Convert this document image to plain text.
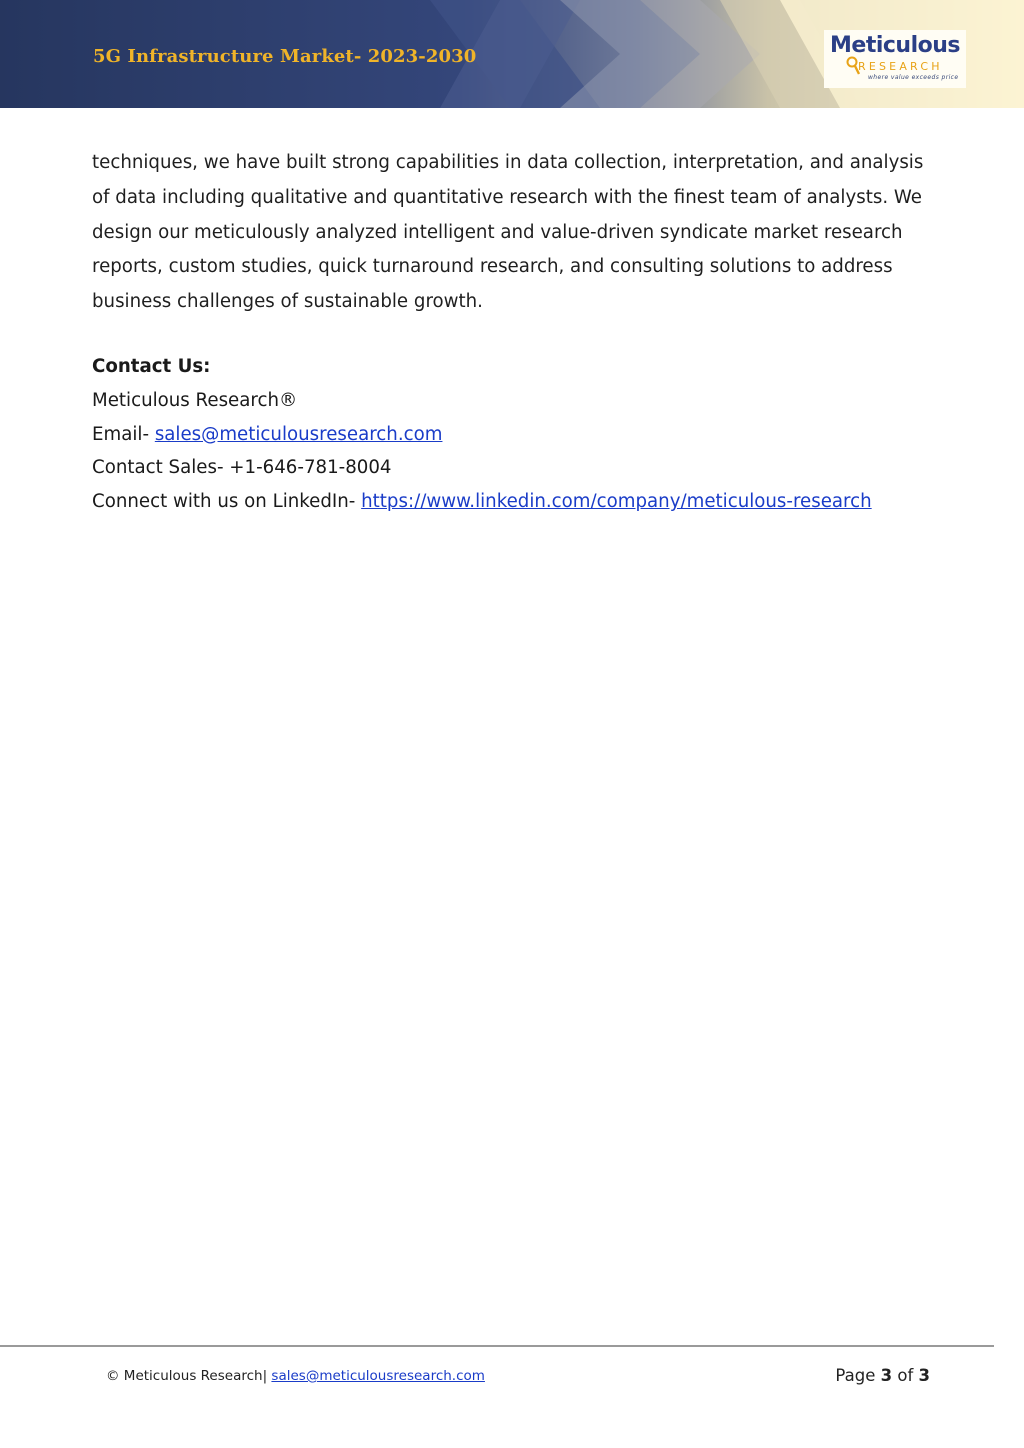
5G Infrastructure Market- 2023-2030	Meticulous
RESEARCH
where value exceeds price

techniques, we have built strong capabilities in data collection, interpretation, and analysis of data including qualitative and quantitative research with the finest team of analysts. We design our meticulously analyzed intelligent and value-driven syndicate market research reports, custom studies, quick turnaround research, and consulting solutions to address business challenges of sustainable growth.

Contact Us:
Meticulous Research®
Email- sales@meticulousresearch.com
Contact Sales- +1-646-781-8004
Connect with us on LinkedIn- https://www.linkedin.com/company/meticulous-research
© Meticulous Research| sales@meticulousresearch.com	Page 3 of 3
